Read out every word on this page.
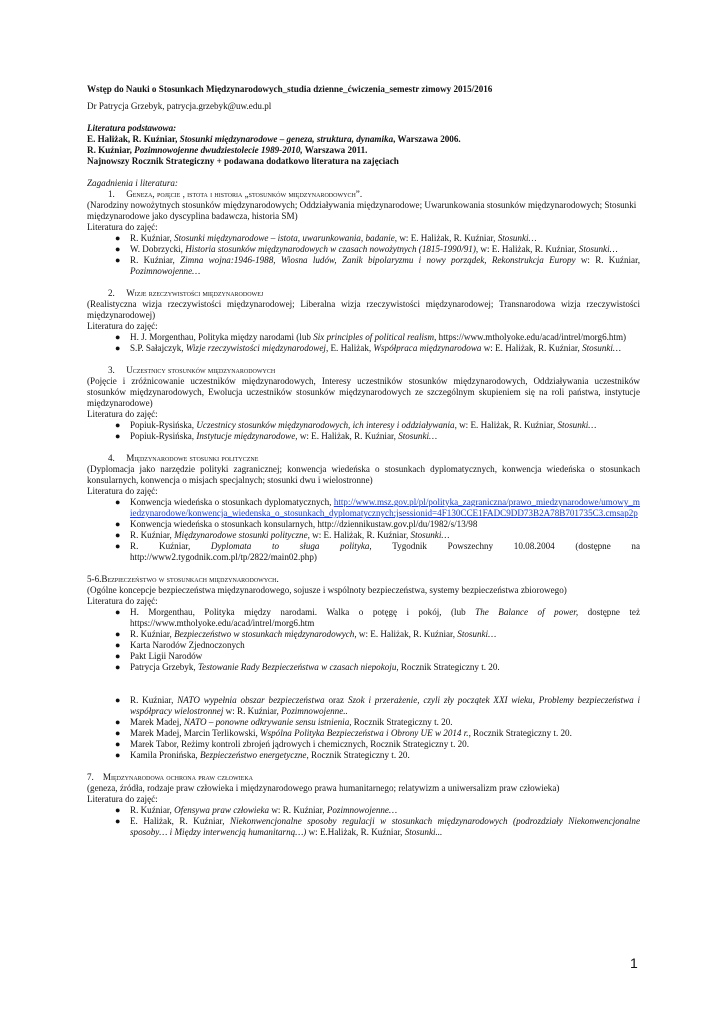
Wstęp do Nauki o Stosunkach Międzynarodowych_studia dzienne_ćwiczenia_semestr zimowy 2015/2016

Dr Patrycja Grzebyk, patrycja.grzebyk@uw.edu.pl

Literatura podstawowa:

E. Haliżak, R. Kuźniar, Stosunki międzynarodowe – geneza, struktura, dynamika, Warszawa 2006.

R. Kuźniar, Pozimnowojenne dwudziestolecie 1989-2010, Warszawa 2011.

Najnowszy Rocznik Strategiczny + podawana dodatkowo literatura na zajęciach

Zagadnienia i literatura:

1. Geneza, pojęcie , istota i historia „stosunków międzynarodowych”.

(Narodziny nowożytnych stosunków międzynarodowych; Oddziaływania międzynarodowe; Uwarunkowania stosunków międzynarodowych; Stosunki międzynarodowe jako dyscyplina badawcza, historia SM)

Literatura do zajęć:

● R. Kuźniar, Stosunki międzynarodowe – istota, uwarunkowania, badanie, w: E. Haliżak, R. Kuźniar, Stosunki…
● W. Dobrzycki, Historia stosunków międzynarodowych w czasach nowożytnych (1815-1990/91), w: E. Haliżak, R. Kuźniar, Stosunki…
● R. Kuźniar, Zimna wojna:1946-1988, Wiosna ludów, Zanik bipolaryzmu i nowy porządek, Rekonstrukcja Europy w: R. Kuźniar, Pozimnowojenne…

2. Wizje rzeczywistości międzynarodowej

(Realistyczna wizja rzeczywistości międzynarodowej; Liberalna wizja rzeczywistości międzynarodowej; Transnarodowa wizja rzeczywistości międzynarodowej)

Literatura do zajęć:

● H. J. Morgenthau, Polityka między narodami (lub Six principles of political realism, https://www.mtholyoke.edu/acad/intrel/morg6.htm)
● S.P. Sałajczyk, Wizje rzeczywistości międzynarodowej, E. Haliżak, Współpraca międzynarodowa w: E. Haliżak, R. Kuźniar, Stosunki…

3. Uczestnicy stosunków międzynarodowych

(Pojęcie i zróżnicowanie uczestników międzynarodowych, Interesy uczestników stosunków międzynarodowych, Oddziaływania uczestników stosunków międzynarodowych, Ewolucja uczestników stosunków międzynarodowych ze szczególnym skupieniem się na roli państwa, instytucje międzynarodowe)

Literatura do zajęć:

● Popiuk-Rysińska, Uczestnicy stosunków międzynarodowych, ich interesy i oddziaływania, w: E. Haliżak, R. Kuźniar, Stosunki…
● Popiuk-Rysińska, Instytucje międzynarodowe, w: E. Haliżak, R. Kuźniar, Stosunki…

4. Międzynarodowe stosunki polityczne

(Dyplomacja jako narzędzie polityki zagranicznej; konwencja wiedeńska o stosunkach dyplomatycznych, konwencja wiedeńska o stosunkach konsularnych, konwencja o misjach specjalnych; stosunki dwu i wielostronne)

Literatura do zajęć:

● Konwencja wiedeńska o stosunkach dyplomatycznych, http://www.msz.gov.pl/pl/polityka_zagraniczna/prawo_miedzynarodowe/umowy_miedzynarodowe/konwencja_wiedenska_o_stosunkach_dyplomatycznych;jsessionid=4F130CCE1FADC9DD73B2A78B701735C3.cmsap2p
● Konwencja wiedeńska o stosunkach konsularnych, http://dziennikustaw.gov.pl/du/1982/s/13/98
● R. Kuźniar, Międzynarodowe stosunki polityczne, w: E. Haliżak, R. Kuźniar, Stosunki…
● R. Kuźniar, Dyplomata to sługa polityka, Tygodnik Powszechny 10.08.2004 (dostępne na http://www2.tygodnik.com.pl/tp/2822/main02.php)

5-6.Bezpieczeństwo w stosunkach międzynarodowych.

(Ogólne koncepcje bezpieczeństwa międzynarodowego, sojusze i wspólnoty bezpieczeństwa, systemy bezpieczeństwa zbiorowego)

Literatura do zajęć:

● H. Morgenthau, Polityka między narodami. Walka o potęgę i pokój, (lub The Balance of power, dostępne też https://www.mtholyoke.edu/acad/intrel/morg6.htm
● R. Kuźniar, Bezpieczeństwo w stosunkach międzynarodowych, w: E. Haliżak, R. Kuźniar, Stosunki…
● Karta Narodów Zjednoczonych
● Pakt Ligii Narodów
● Patrycja Grzebyk, Testowanie Rady Bezpieczeństwa w czasach niepokoju, Rocznik Strategiczny t. 20.
● R. Kuźniar, NATO wypełnia obszar bezpieczeństwa oraz Szok i przerażenie, czyli zły początek XXI wieku, Problemy bezpieczeństwa i współpracy wielostronnej w: R. Kuźniar, Pozimnowojenne..
● Marek Madej, NATO – ponowne odkrywanie sensu istnienia, Rocznik Strategiczny t. 20.
● Marek Madej, Marcin Terlikowski, Wspólna Polityka Bezpieczeństwa i Obrony UE w 2014 r., Rocznik Strategiczny t. 20.
● Marek Tabor, Reżimy kontroli zbrojeń jądrowych i chemicznych, Rocznik Strategiczny t. 20.
● Kamila Pronińska, Bezpieczeństwo energetyczne, Rocznik Strategiczny t. 20.

7. Międzynarodowa ochrona praw człowieka

(geneza, źródła, rodzaje praw człowieka i międzynarodowego prawa humanitarnego; relatywizm a uniwersalizm praw człowieka)

Literatura do zajęć:

● R. Kuźniar, Ofensywa praw człowieka w: R. Kuźniar, Pozimnowojenne…
● E. Haliżak, R. Kuźniar, Niekonwencjonalne sposoby regulacji w stosunkach międzynarodowych (podrozdziały Niekonwencjonalne sposoby… i Między interwencją humanitarną…) w: E.Haliżak, R. Kuźniar, Stosunki...
1
